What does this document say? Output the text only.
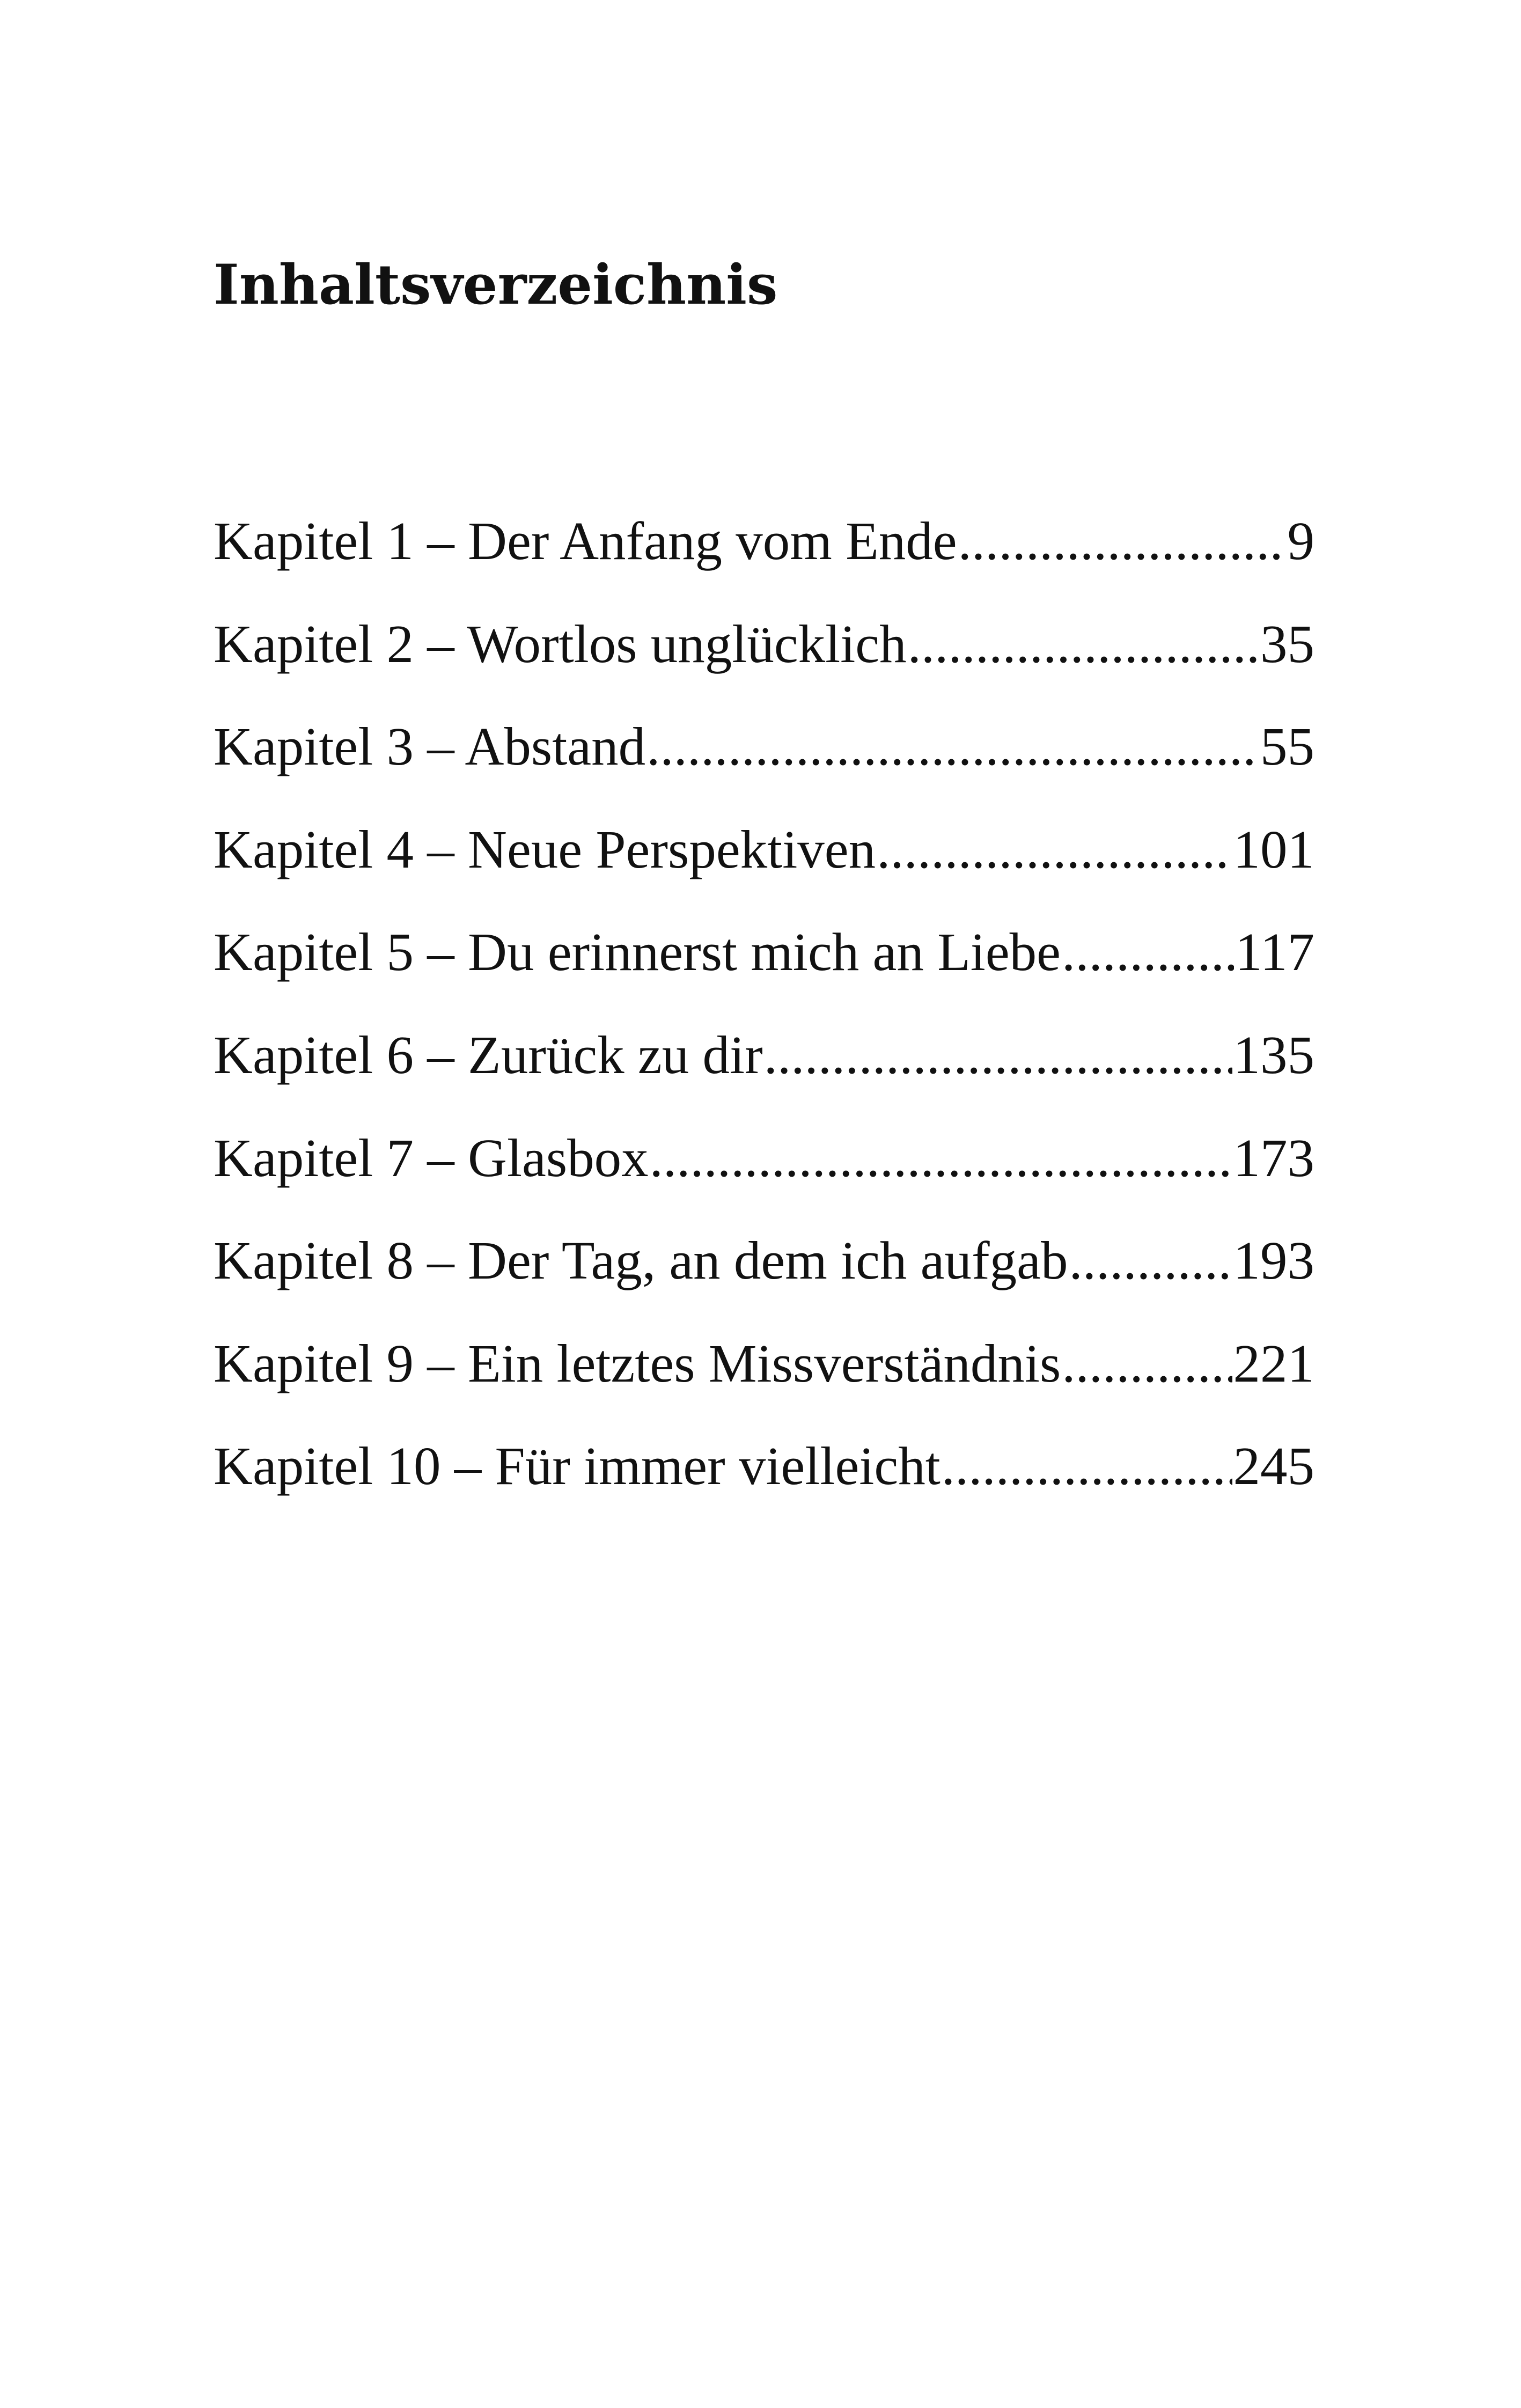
Inhaltsverzeichnis
Kapitel 1 – Der Anfang vom Ende .....	9
Kapitel 2 – Wortlos unglücklich .....	35
Kapitel 3 – Abstand .....	55
Kapitel 4 – Neue Perspektiven .....	101
Kapitel 5 – Du erinnerst mich an Liebe .....	117
Kapitel 6 – Zurück zu dir .....	135
Kapitel 7 – Glasbox .....	173
Kapitel 8 – Der Tag, an dem ich aufgab .....	193
Kapitel 9 – Ein letztes Missverständnis .....	221
Kapitel 10 – Für immer vielleicht .....	245
